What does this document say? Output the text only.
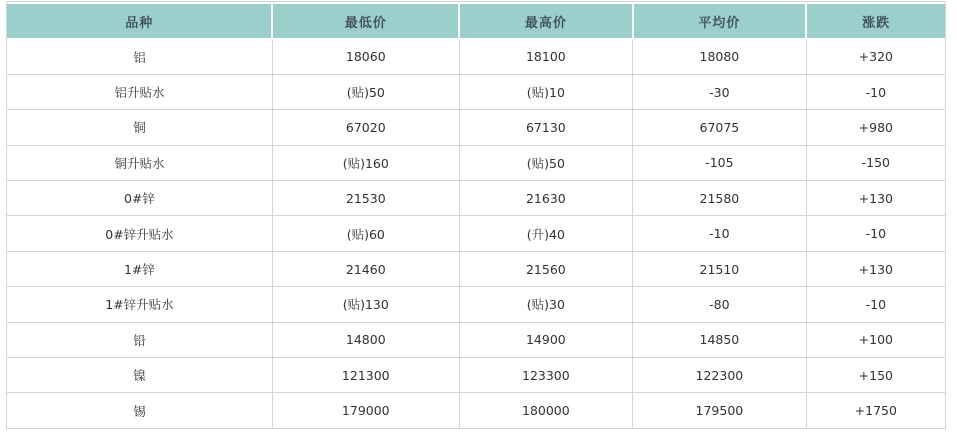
品种	最低价	最高价	平均价	涨跌
铝	18060	18100	18080	+320
铝升贴水	(贴)50	(贴)10	-30	-10
铜	67020	67130	67075	+980
铜升贴水	(贴)160	(贴)50	-105	-150
0#锌	21530	21630	21580	+130
0#锌升贴水	(贴)60	(升)40	-10	-10
1#锌	21460	21560	21510	+130
1#锌升贴水	(贴)130	(贴)30	-80	-10
铅	14800	14900	14850	+100
镍	121300	123300	122300	+150
锡	179000	180000	179500	+1750
